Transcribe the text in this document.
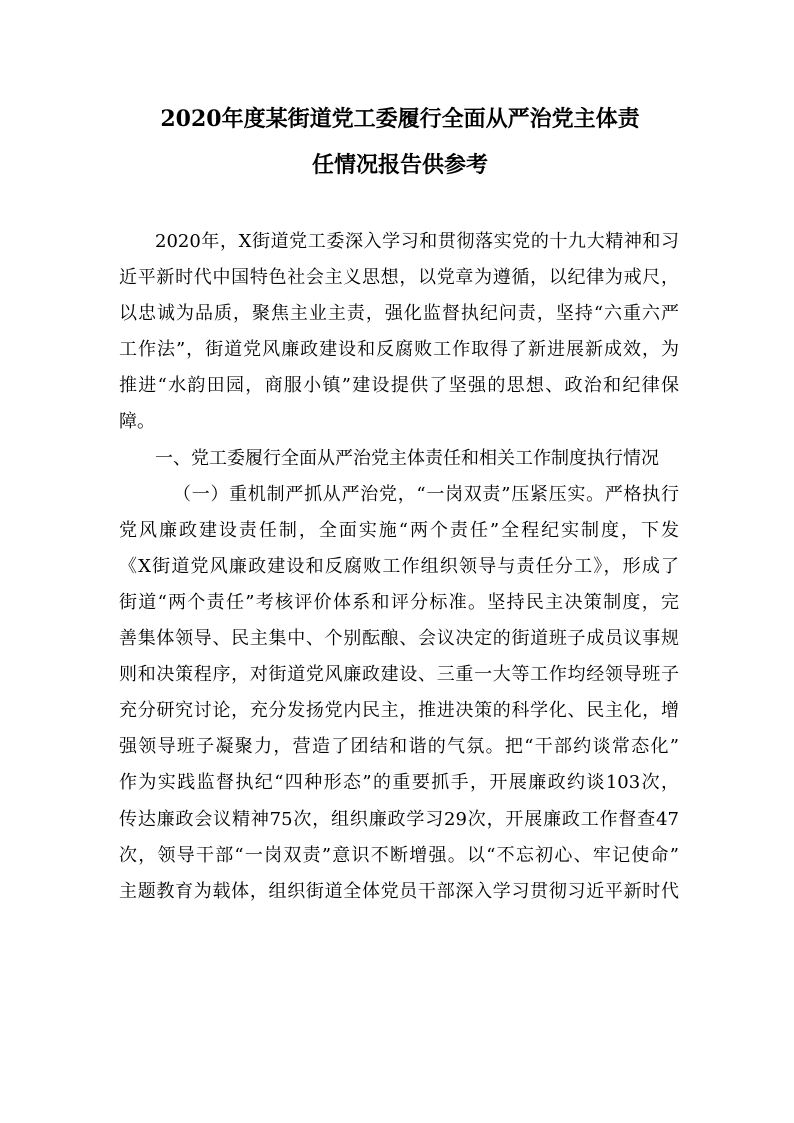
2020年度某街道党工委履行全面从严治党主体责
任情况报告供参考
2020年，X街道党工委深入学习和贯彻落实党的十九大精神和习
近平新时代中国特色社会主义思想，以党章为遵循，以纪律为戒尺，
以忠诚为品质，聚焦主业主责，强化监督执纪问责，坚持“六重六严
工作法”，街道党风廉政建设和反腐败工作取得了新进展新成效，为
推进“水韵田园，商服小镇”建设提供了坚强的思想、政治和纪律保
障。
一、党工委履行全面从严治党主体责任和相关工作制度执行情况
（一）重机制严抓从严治党，“一岗双责”压紧压实。严格执行
党风廉政建设责任制，全面实施“两个责任”全程纪实制度，下发
《X街道党风廉政建设和反腐败工作组织领导与责任分工》，形成了
街道“两个责任”考核评价体系和评分标准。坚持民主决策制度，完
善集体领导、民主集中、个别酝酿、会议决定的街道班子成员议事规
则和决策程序，对街道党风廉政建设、三重一大等工作均经领导班子
充分研究讨论，充分发扬党内民主，推进决策的科学化、民主化，增
强领导班子凝聚力，营造了团结和谐的气氛。把“干部约谈常态化”
作为实践监督执纪“四种形态”的重要抓手，开展廉政约谈103次，
传达廉政会议精神75次，组织廉政学习29次，开展廉政工作督查47
次，领导干部“一岗双责”意识不断增强。以“不忘初心、牢记使命”
主题教育为载体，组织街道全体党员干部深入学习贯彻习近平新时代
